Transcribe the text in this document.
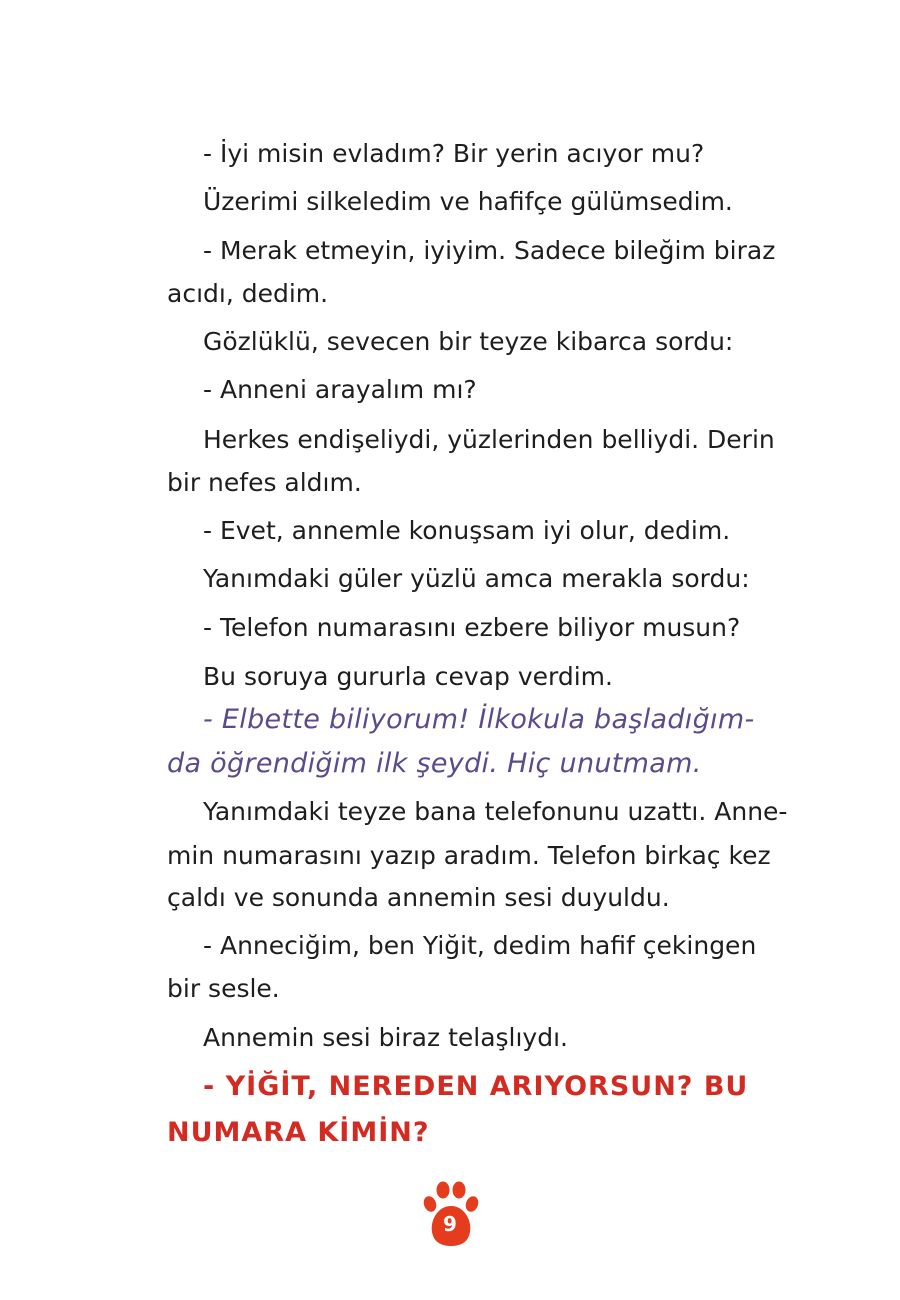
- İyi misin evladım? Bir yerin acıyor mu?
Üzerimi silkeledim ve hafifçe gülümsedim.
- Merak etmeyin, iyiyim. Sadece bileğim biraz
acıdı, dedim.
Gözlüklü, sevecen bir teyze kibarca sordu:
- Anneni arayalım mı?
Herkes endişeliydi, yüzlerinden belliydi. Derin
bir nefes aldım.
- Evet, annemle konuşsam iyi olur, dedim.
Yanımdaki güler yüzlü amca merakla sordu:
- Telefon numarasını ezbere biliyor musun?
Bu soruya gururla cevap verdim.
- Elbette biliyorum! İlkokula başladığım-
da öğrendiğim ilk şeydi. Hiç unutmam.
Yanımdaki teyze bana telefonunu uzattı. Anne-
min numarasını yazıp aradım. Telefon birkaç kez
çaldı ve sonunda annemin sesi duyuldu.
- Anneciğim, ben Yiğit, dedim hafif çekingen
bir sesle.
Annemin sesi biraz telaşlıydı.
- YİĞİT, NEREDEN ARIYORSUN? BU
NUMARA KİMİN?
9
